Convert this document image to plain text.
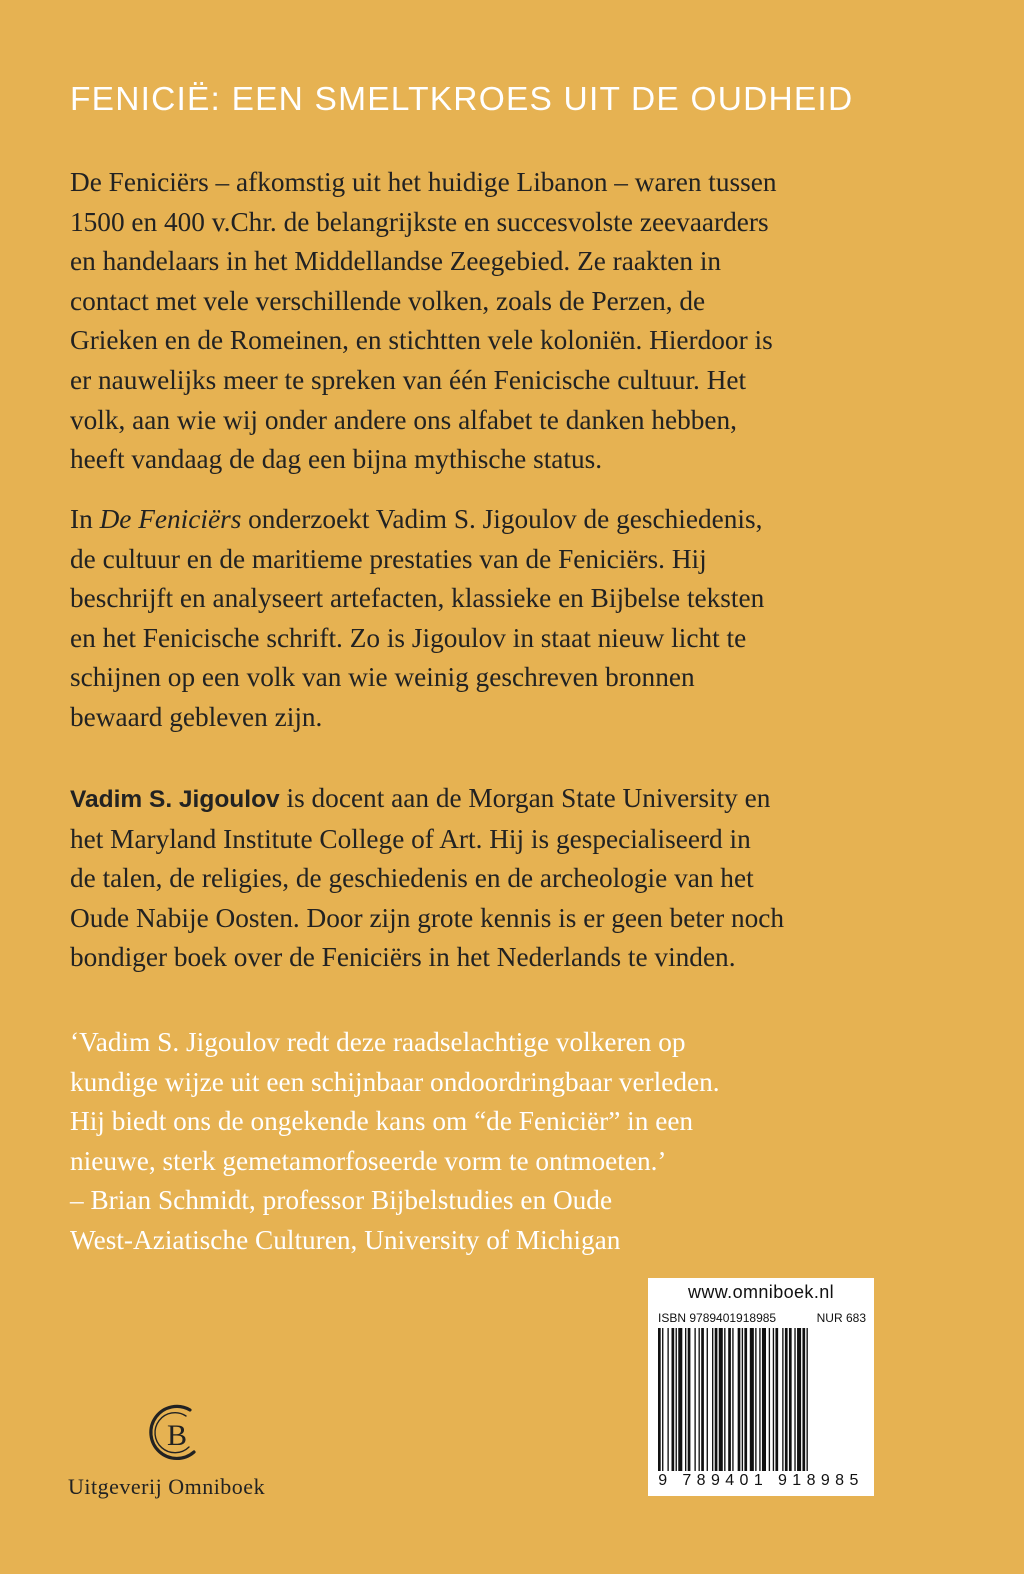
FENICIË: EEN SMELTKROES UIT DE OUDHEID

De Feniciërs – afkomstig uit het huidige Libanon – waren tussen
1500 en 400 v.Chr. de belangrijkste en succesvolste zeevaarders
en handelaars in het Middellandse Zeegebied. Ze raakten in
contact met vele verschillende volken, zoals de Perzen, de
Grieken en de Romeinen, en stichtten vele koloniën. Hierdoor is
er nauwelijks meer te spreken van één Fenicische cultuur. Het
volk, aan wie wij onder andere ons alfabet te danken hebben,
heeft vandaag de dag een bijna mythische status.

In De Feniciërs onderzoekt Vadim S. Jigoulov de geschiedenis,
de cultuur en de maritieme prestaties van de Feniciërs. Hij
beschrijft en analyseert artefacten, klassieke en Bijbelse teksten
en het Fenicische schrift. Zo is Jigoulov in staat nieuw licht te
schijnen op een volk van wie weinig geschreven bronnen
bewaard gebleven zijn.

Vadim S. Jigoulov is docent aan de Morgan State University en
het Maryland Institute College of Art. Hij is gespecialiseerd in
de talen, de religies, de geschiedenis en de archeologie van het
Oude Nabije Oosten. Door zijn grote kennis is er geen beter noch
bondiger boek over de Feniciërs in het Nederlands te vinden.

‘Vadim S. Jigoulov redt deze raadselachtige volkeren op
kundige wijze uit een schijnbaar ondoordringbaar verleden.
Hij biedt ons de ongekende kans om “de Feniciër” in een
nieuwe, sterk gemetamorfoseerde vorm te ontmoeten.’
– Brian Schmidt, professor Bijbelstudies en Oude
West-Aziatische Culturen, University of Michigan

B
Uitgeverij Omniboek
www.omniboek.nl
ISBN 9789401918985	NUR 683
9 789401 918985
